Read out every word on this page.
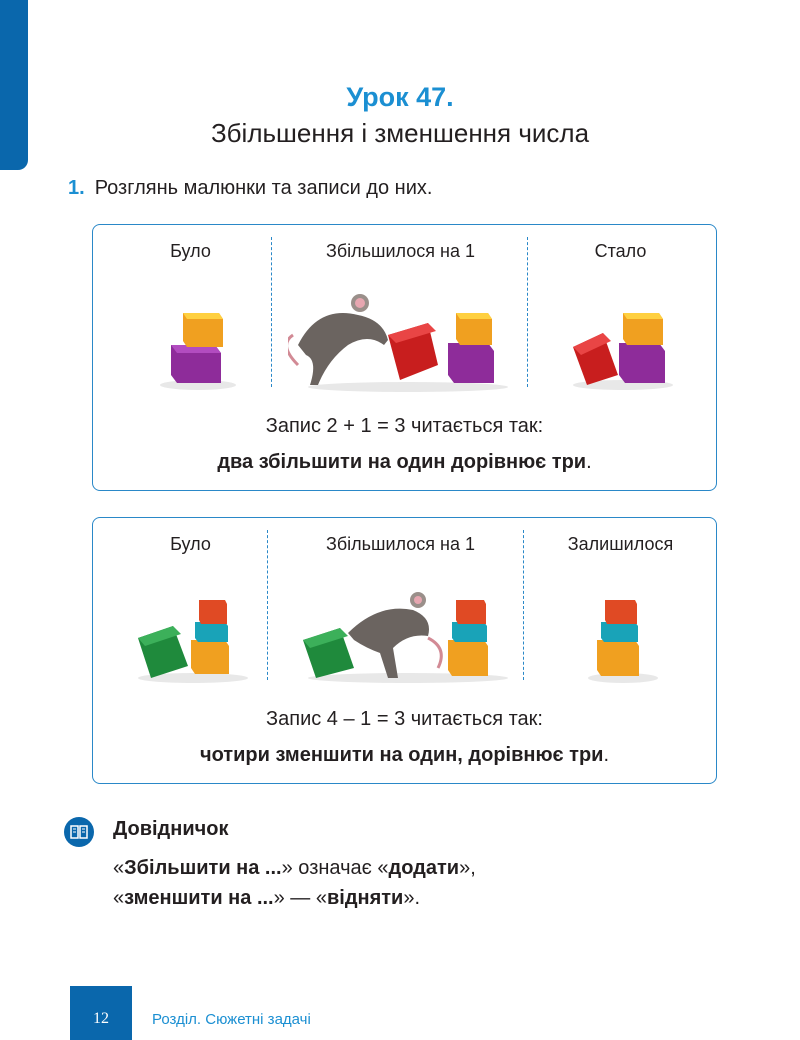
Урок 47.
Збільшення і зменшення числа
1. Розглянь малюнки та записи до них.
Було	Збільшилося на 1	Стало
Запис 2 + 1 = 3 читається так:
два збільшити на один дорівнює три.
Було	Збільшилося на 1	Залишилося
Запис 4 – 1 = 3 читається так:
чотири зменшити на один, дорівнює три.
Довідничок
«Збільшити на ...» означає «додати»,
«зменшити на ...» — «відняти».
12	Розділ. Сюжетні задачі
